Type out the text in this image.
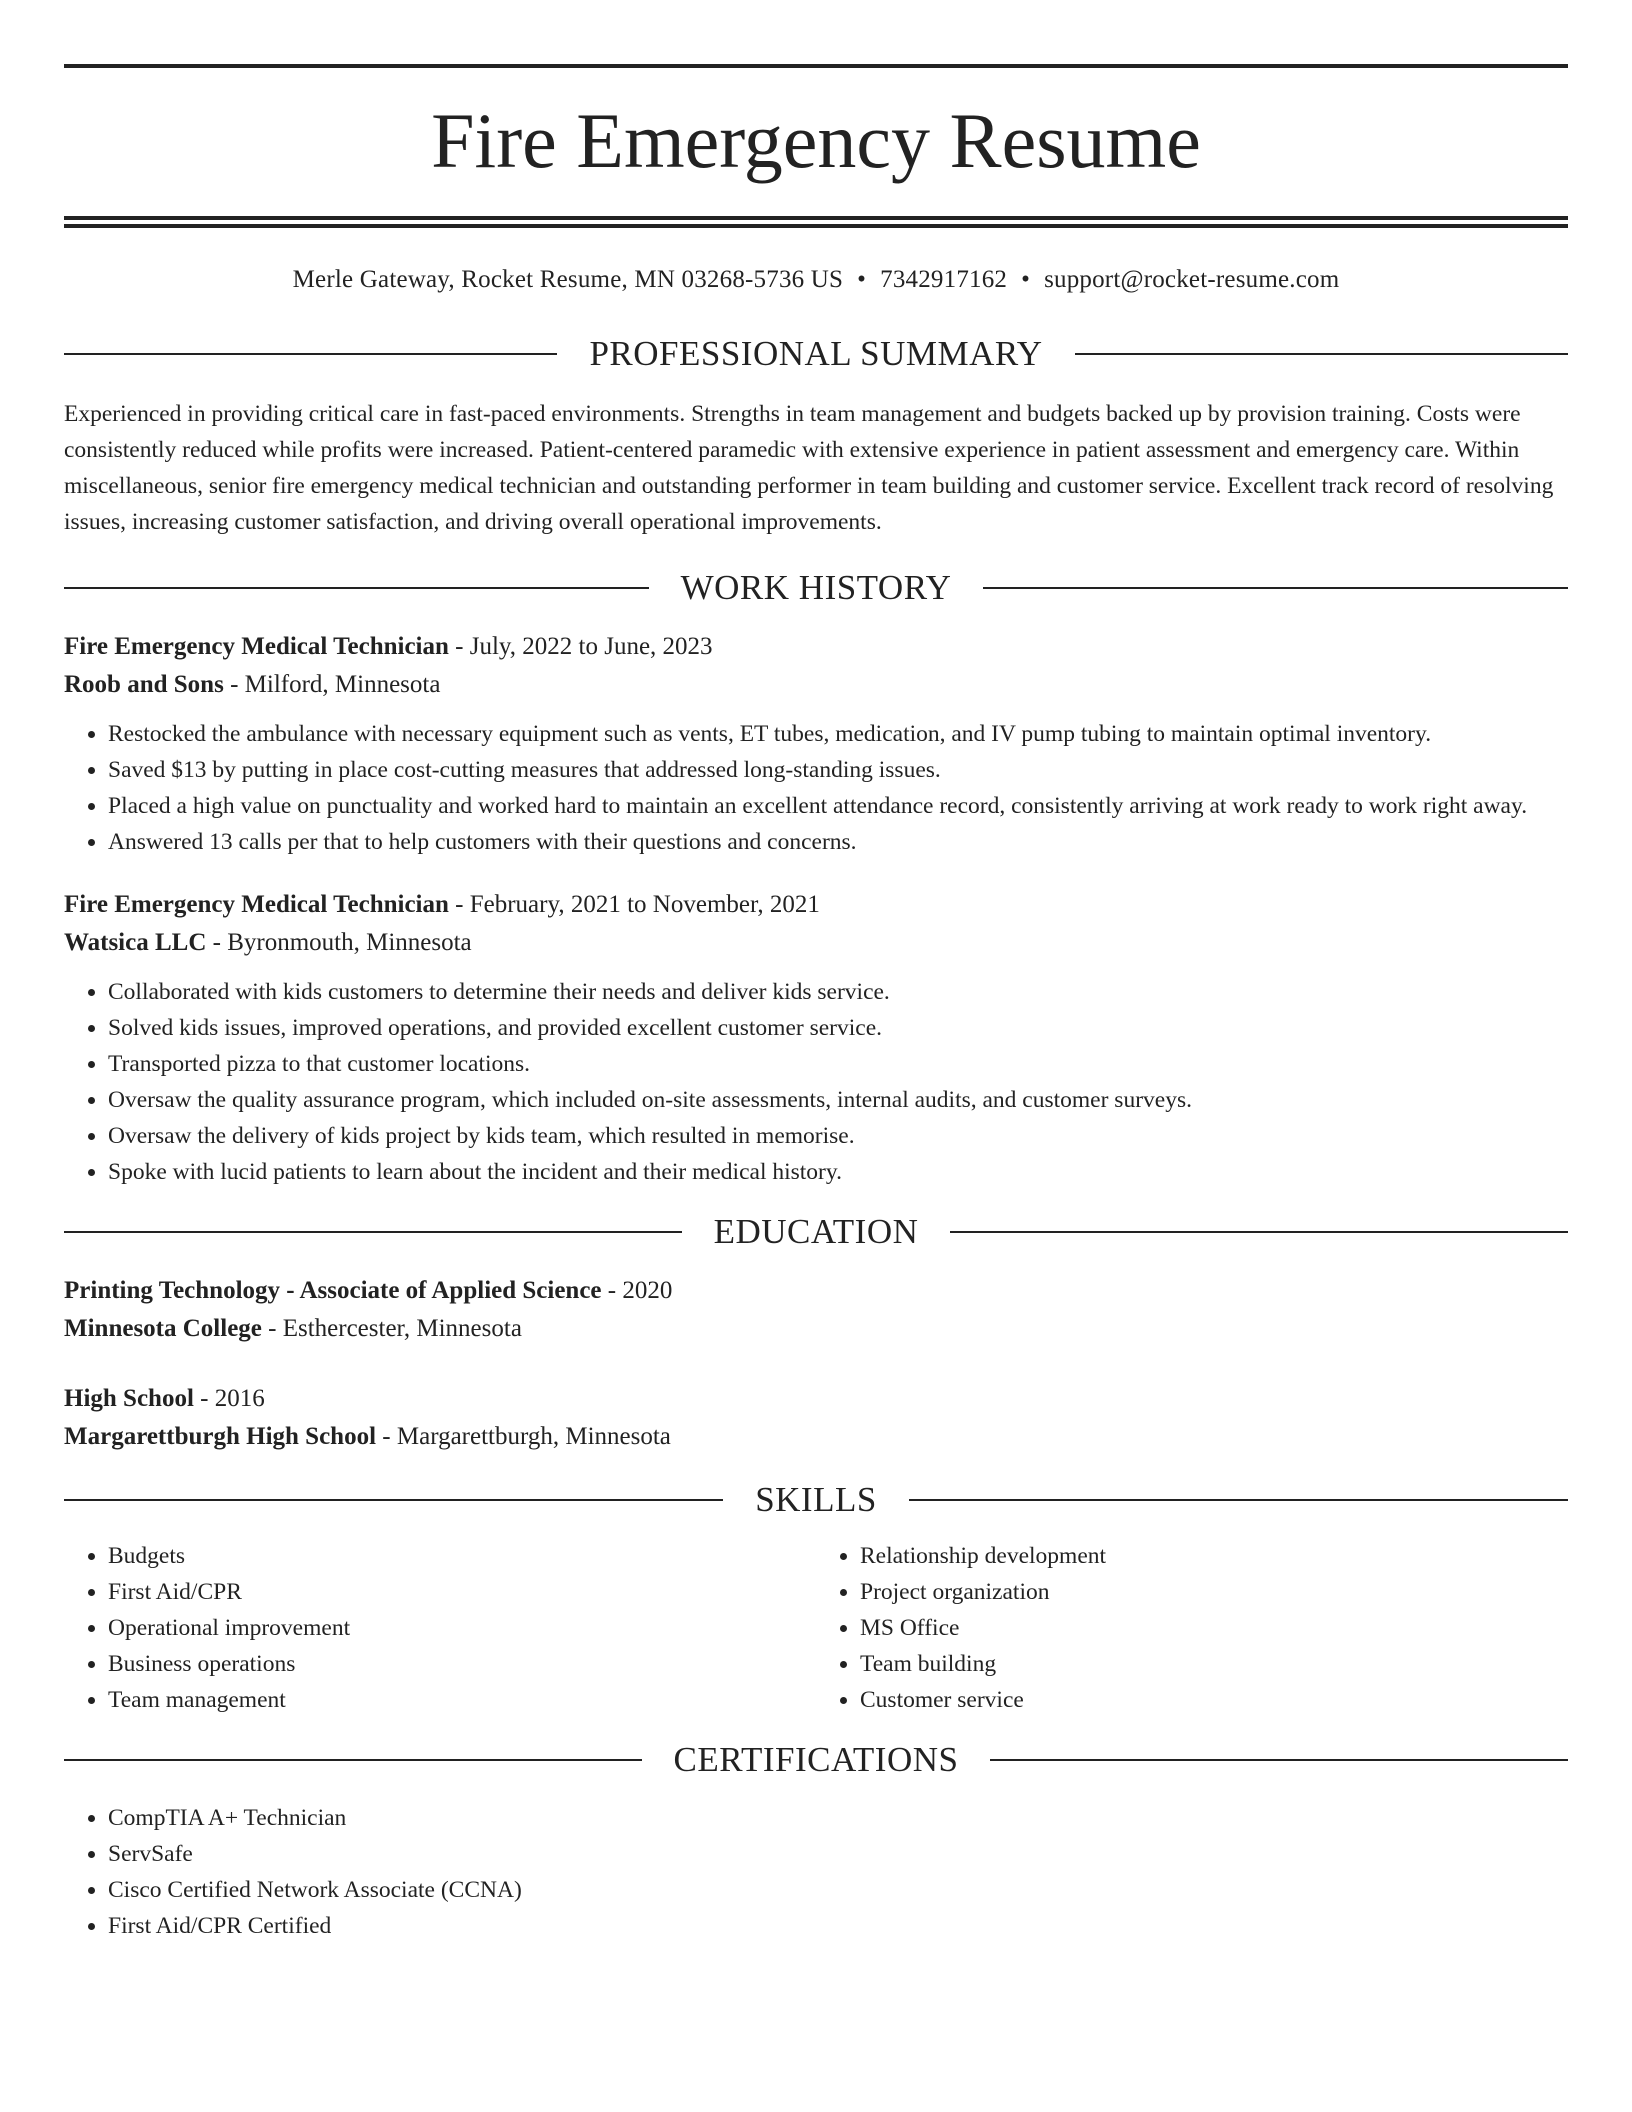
Fire Emergency Resume
Merle Gateway, Rocket Resume, MN 03268-5736 US • 7342917162 • support@rocket-resume.com
PROFESSIONAL SUMMARY
Experienced in providing critical care in fast-paced environments. Strengths in team management and budgets backed up by provision training. Costs were consistently reduced while profits were increased. Patient-centered paramedic with extensive experience in patient assessment and emergency care. Within miscellaneous, senior fire emergency medical technician and outstanding performer in team building and customer service. Excellent track record of resolving issues, increasing customer satisfaction, and driving overall operational improvements.
WORK HISTORY
Fire Emergency Medical Technician - July, 2022 to June, 2023
Roob and Sons - Milford, Minnesota
• Restocked the ambulance with necessary equipment such as vents, ET tubes, medication, and IV pump tubing to maintain optimal inventory.
• Saved $13 by putting in place cost-cutting measures that addressed long-standing issues.
• Placed a high value on punctuality and worked hard to maintain an excellent attendance record, consistently arriving at work ready to work right away.
• Answered 13 calls per that to help customers with their questions and concerns.
Fire Emergency Medical Technician - February, 2021 to November, 2021
Watsica LLC - Byronmouth, Minnesota
• Collaborated with kids customers to determine their needs and deliver kids service.
• Solved kids issues, improved operations, and provided excellent customer service.
• Transported pizza to that customer locations.
• Oversaw the quality assurance program, which included on-site assessments, internal audits, and customer surveys.
• Oversaw the delivery of kids project by kids team, which resulted in memorise.
• Spoke with lucid patients to learn about the incident and their medical history.
EDUCATION
Printing Technology - Associate of Applied Science - 2020
Minnesota College - Esthercester, Minnesota
High School - 2016
Margarettburgh High School - Margarettburgh, Minnesota
SKILLS
• Budgets
• First Aid/CPR
• Operational improvement
• Business operations
• Team management
• Relationship development
• Project organization
• MS Office
• Team building
• Customer service
CERTIFICATIONS
• CompTIA A+ Technician
• ServSafe
• Cisco Certified Network Associate (CCNA)
• First Aid/CPR Certified
